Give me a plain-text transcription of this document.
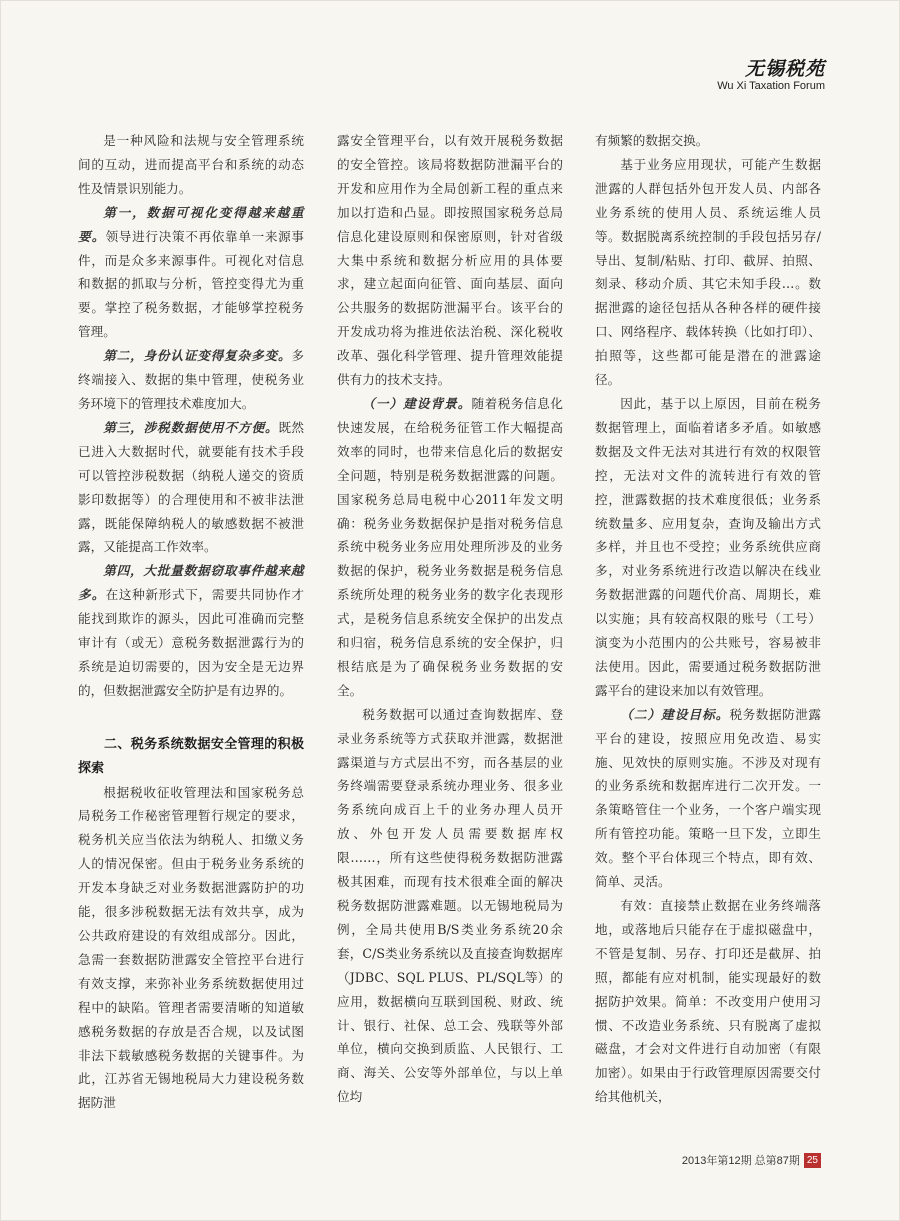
无锡税苑
Wu Xi Taxation Forum

是一种风险和法规与安全管理系统间的互动，进而提高平台和系统的动态性及情景识别能力。

第一，数据可视化变得越来越重要。领导进行决策不再依靠单一来源事件，而是众多来源事件。可视化对信息和数据的抓取与分析，管控变得尤为重要。掌控了税务数据，才能够掌控税务管理。

第二，身份认证变得复杂多变。多终端接入、数据的集中管理，使税务业务环境下的管理技术难度加大。

第三，涉税数据使用不方便。既然已进入大数据时代，就要能有技术手段可以管控涉税数据（纳税人递交的资质影印数据等）的合理使用和不被非法泄露，既能保障纳税人的敏感数据不被泄露，又能提高工作效率。

第四，大批量数据窃取事件越来越多。在这种新形式下，需要共同协作才能找到欺诈的源头，因此可准确而完整审计有（或无）意税务数据泄露行为的系统是迫切需要的，因为安全是无边界的，但数据泄露安全防护是有边界的。

二、税务系统数据安全管理的积极探索

根据税收征收管理法和国家税务总局税务工作秘密管理暂行规定的要求，税务机关应当依法为纳税人、扣缴义务人的情况保密。但由于税务业务系统的开发本身缺乏对业务数据泄露防护的功能，很多涉税数据无法有效共享，成为公共政府建设的有效组成部分。因此，急需一套数据防泄露安全管控平台进行有效支撑，来弥补业务系统数据使用过程中的缺陷。管理者需要清晰的知道敏感税务数据的存放是否合规，以及试图非法下载敏感税务数据的关键事件。为此，江苏省无锡地税局大力建设税务数据防泄

露安全管理平台，以有效开展税务数据的安全管控。该局将数据防泄漏平台的开发和应用作为全局创新工程的重点来加以打造和凸显。即按照国家税务总局信息化建设原则和保密原则，针对省级大集中系统和数据分析应用的具体要求，建立起面向征管、面向基层、面向公共服务的数据防泄漏平台。该平台的开发成功将为推进依法治税、深化税收改革、强化科学管理、提升管理效能提供有力的技术支持。

（一）建设背景。随着税务信息化快速发展，在给税务征管工作大幅提高效率的同时，也带来信息化后的数据安全问题，特别是税务数据泄露的问题。国家税务总局电税中心2011年发文明确：税务业务数据保护是指对税务信息系统中税务业务应用处理所涉及的业务数据的保护，税务业务数据是税务信息系统所处理的税务业务的数字化表现形式，是税务信息系统安全保护的出发点和归宿，税务信息系统的安全保护，归根结底是为了确保税务业务数据的安全。

税务数据可以通过查询数据库、登录业务系统等方式获取并泄露，数据泄露渠道与方式层出不穷，而各基层的业务终端需要登录系统办理业务、很多业务系统向成百上千的业务办理人员开放、外包开发人员需要数据库权限……，所有这些使得税务数据防泄露极其困难，而现有技术很难全面的解决税务数据防泄露难题。以无锡地税局为例，全局共使用B/S类业务系统20余套，C/S类业务系统以及直接查询数据库（JDBC、SQL PLUS、PL/SQL等）的应用，数据横向互联到国税、财政、统计、银行、社保、总工会、残联等外部单位，横向交换到质监、人民银行、工商、海关、公安等外部单位，与以上单位均

有频繁的数据交换。

基于业务应用现状，可能产生数据泄露的人群包括外包开发人员、内部各业务系统的使用人员、系统运维人员等。数据脱离系统控制的手段包括另存/导出、复制/粘贴、打印、截屏、拍照、刻录、移动介质、其它未知手段…。数据泄露的途径包括从各种各样的硬件接口、网络程序、载体转换（比如打印）、拍照等，这些都可能是潜在的泄露途径。

因此，基于以上原因，目前在税务数据管理上，面临着诸多矛盾。如敏感数据及文件无法对其进行有效的权限管控，无法对文件的流转进行有效的管控，泄露数据的技术难度很低；业务系统数量多、应用复杂，查询及输出方式多样，并且也不受控；业务系统供应商多，对业务系统进行改造以解决在线业务数据泄露的问题代价高、周期长，难以实施；具有较高权限的账号（工号）演变为小范围内的公共账号，容易被非法使用。因此，需要通过税务数据防泄露平台的建设来加以有效管理。

（二）建设目标。税务数据防泄露平台的建设，按照应用免改造、易实施、见效快的原则实施。不涉及对现有的业务系统和数据库进行二次开发。一条策略管住一个业务，一个客户端实现所有管控功能。策略一旦下发，立即生效。整个平台体现三个特点，即有效、简单、灵活。

有效：直接禁止数据在业务终端落地，或落地后只能存在于虚拟磁盘中，不管是复制、另存、打印还是截屏、拍照，都能有应对机制，能实现最好的数据防护效果。简单：不改变用户使用习惯、不改造业务系统、只有脱离了虚拟磁盘，才会对文件进行自动加密（有限加密）。如果由于行政管理原因需要交付给其他机关，

2013年第12期 总第87期 25
